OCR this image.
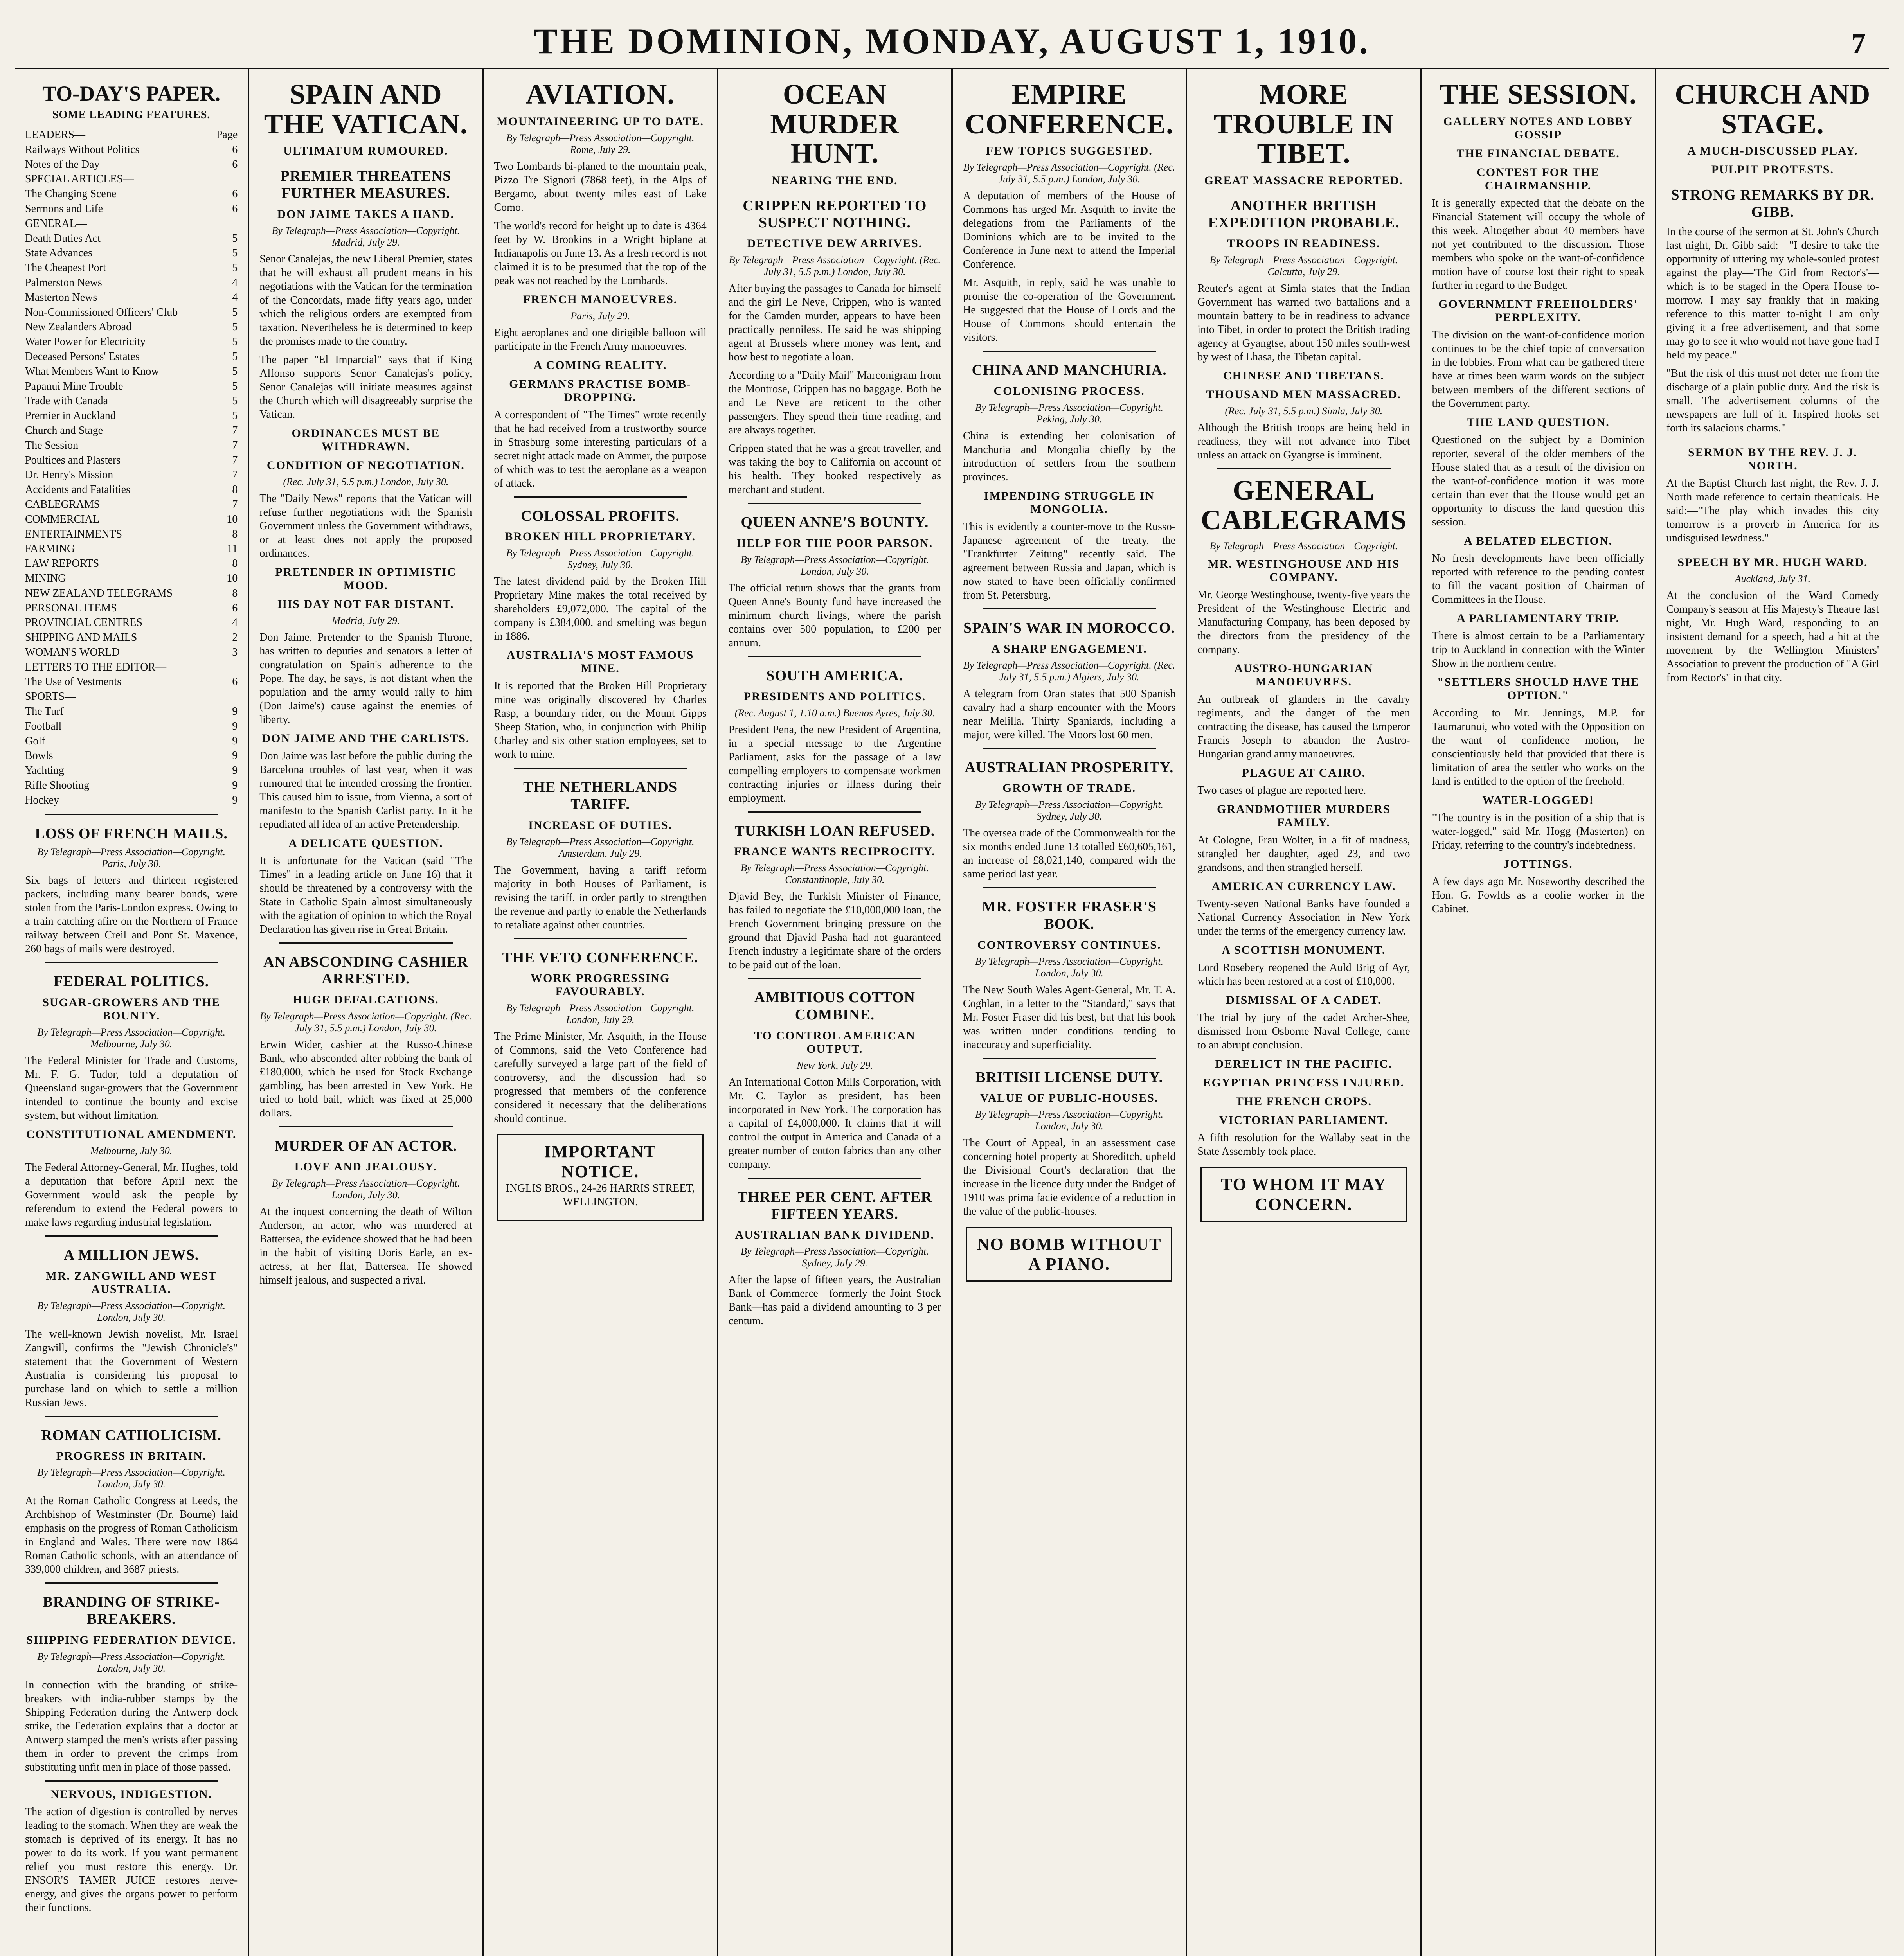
THE DOMINION, MONDAY, AUGUST 1, 1910.	7
TO-DAY'S PAPER.
SOME LEADING FEATURES.
LEADERS—	Page
Railways Without Politics	6
Notes of the Day	6
SPECIAL ARTICLES—
The Changing Scene	6
Sermons and Life	6
GENERAL—
Death Duties Act	5
State Advances	5
The Cheapest Port	5
Palmerston News	4
Masterton News	4
Non-Commissioned Officers' Club	5
New Zealanders Abroad	5
Water Power for Electricity	5
Deceased Persons' Estates	5
What Members Want to Know	5
Papanui Mine Trouble	5
Trade with Canada	5
Premier in Auckland	5
Church and Stage	7
The Session	7
Poultices and Plasters	7
Dr. Henry's Mission	7
Accidents and Fatalities	8
CABLEGRAMS	7
COMMERCIAL	10
ENTERTAINMENTS	8
FARMING	11
LAW REPORTS	8
MINING	10
NEW ZEALAND TELEGRAMS	8
PERSONAL ITEMS	6
PROVINCIAL CENTRES	4
SHIPPING AND MAILS	2
WOMAN'S WORLD	3
LETTERS TO THE EDITOR—
The Use of Vestments	6
SPORTS—
The Turf	9
Football	9
Golf	9
Bowls	9
Yachting	9
Rifle Shooting	9
Hockey	9
LOSS OF FRENCH MAILS.
By Telegraph—Press Association—Copyright. Paris, July 30.

Six bags of letters and thirteen registered packets, including many bearer bonds, were stolen from the Paris-London express. Owing to a train catching afire on the Northern of France railway between Creil and Pont St. Maxence, 260 bags of mails were destroyed.

FEDERAL POLITICS.
SUGAR-GROWERS AND THE BOUNTY.
By Telegraph—Press Association—Copyright. Melbourne, July 30.

The Federal Minister for Trade and Customs, Mr. F. G. Tudor, told a deputation of Queensland sugar-growers that the Government intended to continue the bounty and excise system, but without limitation.

CONSTITUTIONAL AMENDMENT.
Melbourne, July 30.

The Federal Attorney-General, Mr. Hughes, told a deputation that before April next the Government would ask the people by referendum to extend the Federal powers to make laws regarding industrial legislation.

A MILLION JEWS.
MR. ZANGWILL AND WEST AUSTRALIA.
By Telegraph—Press Association—Copyright. London, July 30.

The well-known Jewish novelist, Mr. Israel Zangwill, confirms the "Jewish Chronicle's" statement that the Government of Western Australia is considering his proposal to purchase land on which to settle a million Russian Jews.

ROMAN CATHOLICISM.
PROGRESS IN BRITAIN.
By Telegraph—Press Association—Copyright. London, July 30.

At the Roman Catholic Congress at Leeds, the Archbishop of Westminster (Dr. Bourne) laid emphasis on the progress of Roman Catholicism in England and Wales. There were now 1864 Roman Catholic schools, with an attendance of 339,000 children, and 3687 priests.

BRANDING OF STRIKE-BREAKERS.
SHIPPING FEDERATION DEVICE.
By Telegraph—Press Association—Copyright. London, July 30.

In connection with the branding of strike-breakers with india-rubber stamps by the Shipping Federation during the Antwerp dock strike, the Federation explains that a doctor at Antwerp stamped the men's wrists after passing them in order to prevent the crimps from substituting unfit men in place of those passed.

NERVOUS, INDIGESTION.

The action of digestion is controlled by nerves leading to the stomach. When they are weak the stomach is deprived of its energy. It has no power to do its work. If you want permanent relief you must restore this energy. Dr. ENSOR'S TAMER JUICE restores nerve-energy, and gives the organs power to perform their functions.

SPAIN AND THE VATICAN.
ULTIMATUM RUMOURED.
PREMIER THREATENS FURTHER MEASURES.
DON JAIME TAKES A HAND.
By Telegraph—Press Association—Copyright. Madrid, July 29.

Senor Canalejas, the new Liberal Premier, states that he will exhaust all prudent means in his negotiations with the Vatican for the termination of the Concordats, made fifty years ago, under which the religious orders are exempted from taxation. Nevertheless he is determined to keep the promises made to the country.

The paper "El Imparcial" says that if King Alfonso supports Senor Canalejas's policy, Senor Canalejas will initiate measures against the Church which will disagreeably surprise the Vatican.

ORDINANCES MUST BE WITHDRAWN.
CONDITION OF NEGOTIATION.
(Rec. July 31, 5.5 p.m.) London, July 30.

The "Daily News" reports that the Vatican will refuse further negotiations with the Spanish Government unless the Government withdraws, or at least does not apply the proposed ordinances.

PRETENDER IN OPTIMISTIC MOOD.
HIS DAY NOT FAR DISTANT.
Madrid, July 29.

Don Jaime, Pretender to the Spanish Throne, has written to deputies and senators a letter of congratulation on Spain's adherence to the Pope. The day, he says, is not distant when the population and the army would rally to him (Don Jaime's) cause against the enemies of liberty.

DON JAIME AND THE CARLISTS.

Don Jaime was last before the public during the Barcelona troubles of last year, when it was rumoured that he intended crossing the frontier. This caused him to issue, from Vienna, a sort of manifesto to the Spanish Carlist party. In it he repudiated all idea of an active Pretendership.

A DELICATE QUESTION.

It is unfortunate for the Vatican (said "The Times" in a leading article on June 16) that it should be threatened by a controversy with the State in Catholic Spain almost simultaneously with the agitation of opinion to which the Royal Declaration has given rise in Great Britain.

AN ABSCONDING CASHIER ARRESTED.
HUGE DEFALCATIONS.
By Telegraph—Press Association—Copyright. (Rec. July 31, 5.5 p.m.) London, July 30.

Erwin Wider, cashier at the Russo-Chinese Bank, who absconded after robbing the bank of £180,000, which he used for Stock Exchange gambling, has been arrested in New York. He tried to hold bail, which was fixed at 25,000 dollars.

MURDER OF AN ACTOR.
LOVE AND JEALOUSY.
By Telegraph—Press Association—Copyright. London, July 30.

At the inquest concerning the death of Wilton Anderson, an actor, who was murdered at Battersea, the evidence showed that he had been in the habit of visiting Doris Earle, an ex-actress, at her flat, Battersea. He showed himself jealous, and suspected a rival.

AVIATION.
MOUNTAINEERING UP TO DATE.
By Telegraph—Press Association—Copyright. Rome, July 29.

Two Lombards bi-planed to the mountain peak, Pizzo Tre Signori (7868 feet), in the Alps of Bergamo, about twenty miles east of Lake Como.

The world's record for height up to date is 4364 feet by W. Brookins in a Wright biplane at Indianapolis on June 13. As a fresh record is not claimed it is to be presumed that the top of the peak was not reached by the Lombards.

FRENCH MANOEUVRES.
Paris, July 29.

Eight aeroplanes and one dirigible balloon will participate in the French Army manoeuvres.

A COMING REALITY.
GERMANS PRACTISE BOMB-DROPPING.

A correspondent of "The Times" wrote recently that he had received from a trustworthy source in Strasburg some interesting particulars of a secret night attack made on Ammer, the purpose of which was to test the aeroplane as a weapon of attack.

COLOSSAL PROFITS.
BROKEN HILL PROPRIETARY.
By Telegraph—Press Association—Copyright. Sydney, July 30.

The latest dividend paid by the Broken Hill Proprietary Mine makes the total received by shareholders £9,072,000. The capital of the company is £384,000, and smelting was begun in 1886.

AUSTRALIA'S MOST FAMOUS MINE.

It is reported that the Broken Hill Proprietary mine was originally discovered by Charles Rasp, a boundary rider, on the Mount Gipps Sheep Station, who, in conjunction with Philip Charley and six other station employees, set to work to mine.

THE NETHERLANDS TARIFF.
INCREASE OF DUTIES.
By Telegraph—Press Association—Copyright. Amsterdam, July 29.

The Government, having a tariff reform majority in both Houses of Parliament, is revising the tariff, in order partly to strengthen the revenue and partly to enable the Netherlands to retaliate against other countries.

THE VETO CONFERENCE.
WORK PROGRESSING FAVOURABLY.
By Telegraph—Press Association—Copyright. London, July 29.

The Prime Minister, Mr. Asquith, in the House of Commons, said the Veto Conference had carefully surveyed a large part of the field of controversy, and the discussion had so progressed that members of the conference considered it necessary that the deliberations should continue.

IMPORTANT NOTICE.

INGLIS BROS., 24-26 HARRIS STREET, WELLINGTON.

OCEAN MURDER HUNT.
NEARING THE END.
CRIPPEN REPORTED TO SUSPECT NOTHING.
DETECTIVE DEW ARRIVES.
By Telegraph—Press Association—Copyright. (Rec. July 31, 5.5 p.m.) London, July 30.

After buying the passages to Canada for himself and the girl Le Neve, Crippen, who is wanted for the Camden murder, appears to have been practically penniless. He said he was shipping agent at Brussels where money was lent, and how best to negotiate a loan.

According to a "Daily Mail" Marconigram from the Montrose, Crippen has no baggage. Both he and Le Neve are reticent to the other passengers. They spend their time reading, and are always together.

Crippen stated that he was a great traveller, and was taking the boy to California on account of his health. They booked respectively as merchant and student.

QUEEN ANNE'S BOUNTY.
HELP FOR THE POOR PARSON.
By Telegraph—Press Association—Copyright. London, July 30.

The official return shows that the grants from Queen Anne's Bounty fund have increased the minimum church livings, where the parish contains over 500 population, to £200 per annum.

SOUTH AMERICA.
PRESIDENTS AND POLITICS.
(Rec. August 1, 1.10 a.m.) Buenos Ayres, July 30.

President Pena, the new President of Argentina, in a special message to the Argentine Parliament, asks for the passage of a law compelling employers to compensate workmen contracting injuries or illness during their employment.

TURKISH LOAN REFUSED.
FRANCE WANTS RECIPROCITY.
By Telegraph—Press Association—Copyright. Constantinople, July 30.

Djavid Bey, the Turkish Minister of Finance, has failed to negotiate the £10,000,000 loan, the French Government bringing pressure on the ground that Djavid Pasha had not guaranteed French industry a legitimate share of the orders to be paid out of the loan.

AMBITIOUS COTTON COMBINE.
TO CONTROL AMERICAN OUTPUT.
New York, July 29.

An International Cotton Mills Corporation, with Mr. C. Taylor as president, has been incorporated in New York. The corporation has a capital of £4,000,000. It claims that it will control the output in America and Canada of a greater number of cotton fabrics than any other company.

THREE PER CENT. AFTER FIFTEEN YEARS.
AUSTRALIAN BANK DIVIDEND.
By Telegraph—Press Association—Copyright. Sydney, July 29.

After the lapse of fifteen years, the Australian Bank of Commerce—formerly the Joint Stock Bank—has paid a dividend amounting to 3 per centum.

EMPIRE CONFERENCE.
FEW TOPICS SUGGESTED.
By Telegraph—Press Association—Copyright. (Rec. July 31, 5.5 p.m.) London, July 30.

A deputation of members of the House of Commons has urged Mr. Asquith to invite the delegations from the Parliaments of the Dominions which are to be invited to the Conference in June next to attend the Imperial Conference.

Mr. Asquith, in reply, said he was unable to promise the co-operation of the Government. He suggested that the House of Lords and the House of Commons should entertain the visitors.

CHINA AND MANCHURIA.
COLONISING PROCESS.
By Telegraph—Press Association—Copyright. Peking, July 30.

China is extending her colonisation of Manchuria and Mongolia chiefly by the introduction of settlers from the southern provinces.

IMPENDING STRUGGLE IN MONGOLIA.

This is evidently a counter-move to the Russo-Japanese agreement of the treaty, the "Frankfurter Zeitung" recently said. The agreement between Russia and Japan, which is now stated to have been officially confirmed from St. Petersburg.

SPAIN'S WAR IN MOROCCO.
A SHARP ENGAGEMENT.
By Telegraph—Press Association—Copyright. (Rec. July 31, 5.5 p.m.) Algiers, July 30.

A telegram from Oran states that 500 Spanish cavalry had a sharp encounter with the Moors near Melilla. Thirty Spaniards, including a major, were killed. The Moors lost 60 men.

AUSTRALIAN PROSPERITY.
GROWTH OF TRADE.
By Telegraph—Press Association—Copyright. Sydney, July 30.

The oversea trade of the Commonwealth for the six months ended June 13 totalled £60,605,161, an increase of £8,021,140, compared with the same period last year.

MR. FOSTER FRASER'S BOOK.
CONTROVERSY CONTINUES.
By Telegraph—Press Association—Copyright. London, July 30.

The New South Wales Agent-General, Mr. T. A. Coghlan, in a letter to the "Standard," says that Mr. Foster Fraser did his best, but that his book was written under conditions tending to inaccuracy and superficiality.

BRITISH LICENSE DUTY.
VALUE OF PUBLIC-HOUSES.
By Telegraph—Press Association—Copyright. London, July 30.

The Court of Appeal, in an assessment case concerning hotel property at Shoreditch, upheld the Divisional Court's declaration that the increase in the licence duty under the Budget of 1910 was prima facie evidence of a reduction in the value of the public-houses.

NO BOMB WITHOUT A PIANO.
MORE TROUBLE IN TIBET.
GREAT MASSACRE REPORTED.
ANOTHER BRITISH EXPEDITION PROBABLE.
TROOPS IN READINESS.
By Telegraph—Press Association—Copyright. Calcutta, July 29.

Reuter's agent at Simla states that the Indian Government has warned two battalions and a mountain battery to be in readiness to advance into Tibet, in order to protect the British trading agency at Gyangtse, about 150 miles south-west by west of Lhasa, the Tibetan capital.

CHINESE AND TIBETANS.
THOUSAND MEN MASSACRED.
(Rec. July 31, 5.5 p.m.) Simla, July 30.

Although the British troops are being held in readiness, they will not advance into Tibet unless an attack on Gyangtse is imminent.

GENERAL CABLEGRAMS
By Telegraph—Press Association—Copyright.
MR. WESTINGHOUSE AND HIS COMPANY.

Mr. George Westinghouse, twenty-five years the President of the Westinghouse Electric and Manufacturing Company, has been deposed by the directors from the presidency of the company.

AUSTRO-HUNGARIAN MANOEUVRES.

An outbreak of glanders in the cavalry regiments, and the danger of the men contracting the disease, has caused the Emperor Francis Joseph to abandon the Austro-Hungarian grand army manoeuvres.

PLAGUE AT CAIRO.

Two cases of plague are reported here.

GRANDMOTHER MURDERS FAMILY.

At Cologne, Frau Wolter, in a fit of madness, strangled her daughter, aged 23, and two grandsons, and then strangled herself.

AMERICAN CURRENCY LAW.

Twenty-seven National Banks have founded a National Currency Association in New York under the terms of the emergency currency law.

A SCOTTISH MONUMENT.

Lord Rosebery reopened the Auld Brig of Ayr, which has been restored at a cost of £10,000.

DISMISSAL OF A CADET.

The trial by jury of the cadet Archer-Shee, dismissed from Osborne Naval College, came to an abrupt conclusion.

DERELICT IN THE PACIFIC.
EGYPTIAN PRINCESS INJURED.
THE FRENCH CROPS.
VICTORIAN PARLIAMENT.

A fifth resolution for the Wallaby seat in the State Assembly took place.

TO WHOM IT MAY CONCERN.
THE SESSION.
GALLERY NOTES AND LOBBY GOSSIP
THE FINANCIAL DEBATE.
CONTEST FOR THE CHAIRMANSHIP.

It is generally expected that the debate on the Financial Statement will occupy the whole of this week. Altogether about 40 members have not yet contributed to the discussion. Those members who spoke on the want-of-confidence motion have of course lost their right to speak further in regard to the Budget.

GOVERNMENT FREEHOLDERS' PERPLEXITY.

The division on the want-of-confidence motion continues to be the chief topic of conversation in the lobbies. From what can be gathered there have at times been warm words on the subject between members of the different sections of the Government party.

THE LAND QUESTION.

Questioned on the subject by a Dominion reporter, several of the older members of the House stated that as a result of the division on the want-of-confidence motion it was more certain than ever that the House would get an opportunity to discuss the land question this session.

A BELATED ELECTION.

No fresh developments have been officially reported with reference to the pending contest to fill the vacant position of Chairman of Committees in the House.

A PARLIAMENTARY TRIP.

There is almost certain to be a Parliamentary trip to Auckland in connection with the Winter Show in the northern centre.

"SETTLERS SHOULD HAVE THE OPTION."

According to Mr. Jennings, M.P. for Taumarunui, who voted with the Opposition on the want of confidence motion, he conscientiously held that provided that there is limitation of area the settler who works on the land is entitled to the option of the freehold.

WATER-LOGGED!

"The country is in the position of a ship that is water-logged," said Mr. Hogg (Masterton) on Friday, referring to the country's indebtedness.

JOTTINGS.

A few days ago Mr. Noseworthy described the Hon. G. Fowlds as a coolie worker in the Cabinet.

CHURCH AND STAGE.
A MUCH-DISCUSSED PLAY.
PULPIT PROTESTS.
STRONG REMARKS BY DR. GIBB.

In the course of the sermon at St. John's Church last night, Dr. Gibb said:—"I desire to take the opportunity of uttering my whole-souled protest against the play—'The Girl from Rector's'—which is to be staged in the Opera House to-morrow. I may say frankly that in making reference to this matter to-night I am only giving it a free advertisement, and that some may go to see it who would not have gone had I held my peace."

"But the risk of this must not deter me from the discharge of a plain public duty. And the risk is small. The advertisement columns of the newspapers are full of it. Inspired hooks set forth its salacious charms."

SERMON BY THE REV. J. J. NORTH.

At the Baptist Church last night, the Rev. J. J. North made reference to certain theatricals. He said:—"The play which invades this city tomorrow is a proverb in America for its undisguised lewdness."

SPEECH BY MR. HUGH WARD.
Auckland, July 31.

At the conclusion of the Ward Comedy Company's season at His Majesty's Theatre last night, Mr. Hugh Ward, responding to an insistent demand for a speech, had a hit at the movement by the Wellington Ministers' Association to prevent the production of "A Girl from Rector's" in that city.
